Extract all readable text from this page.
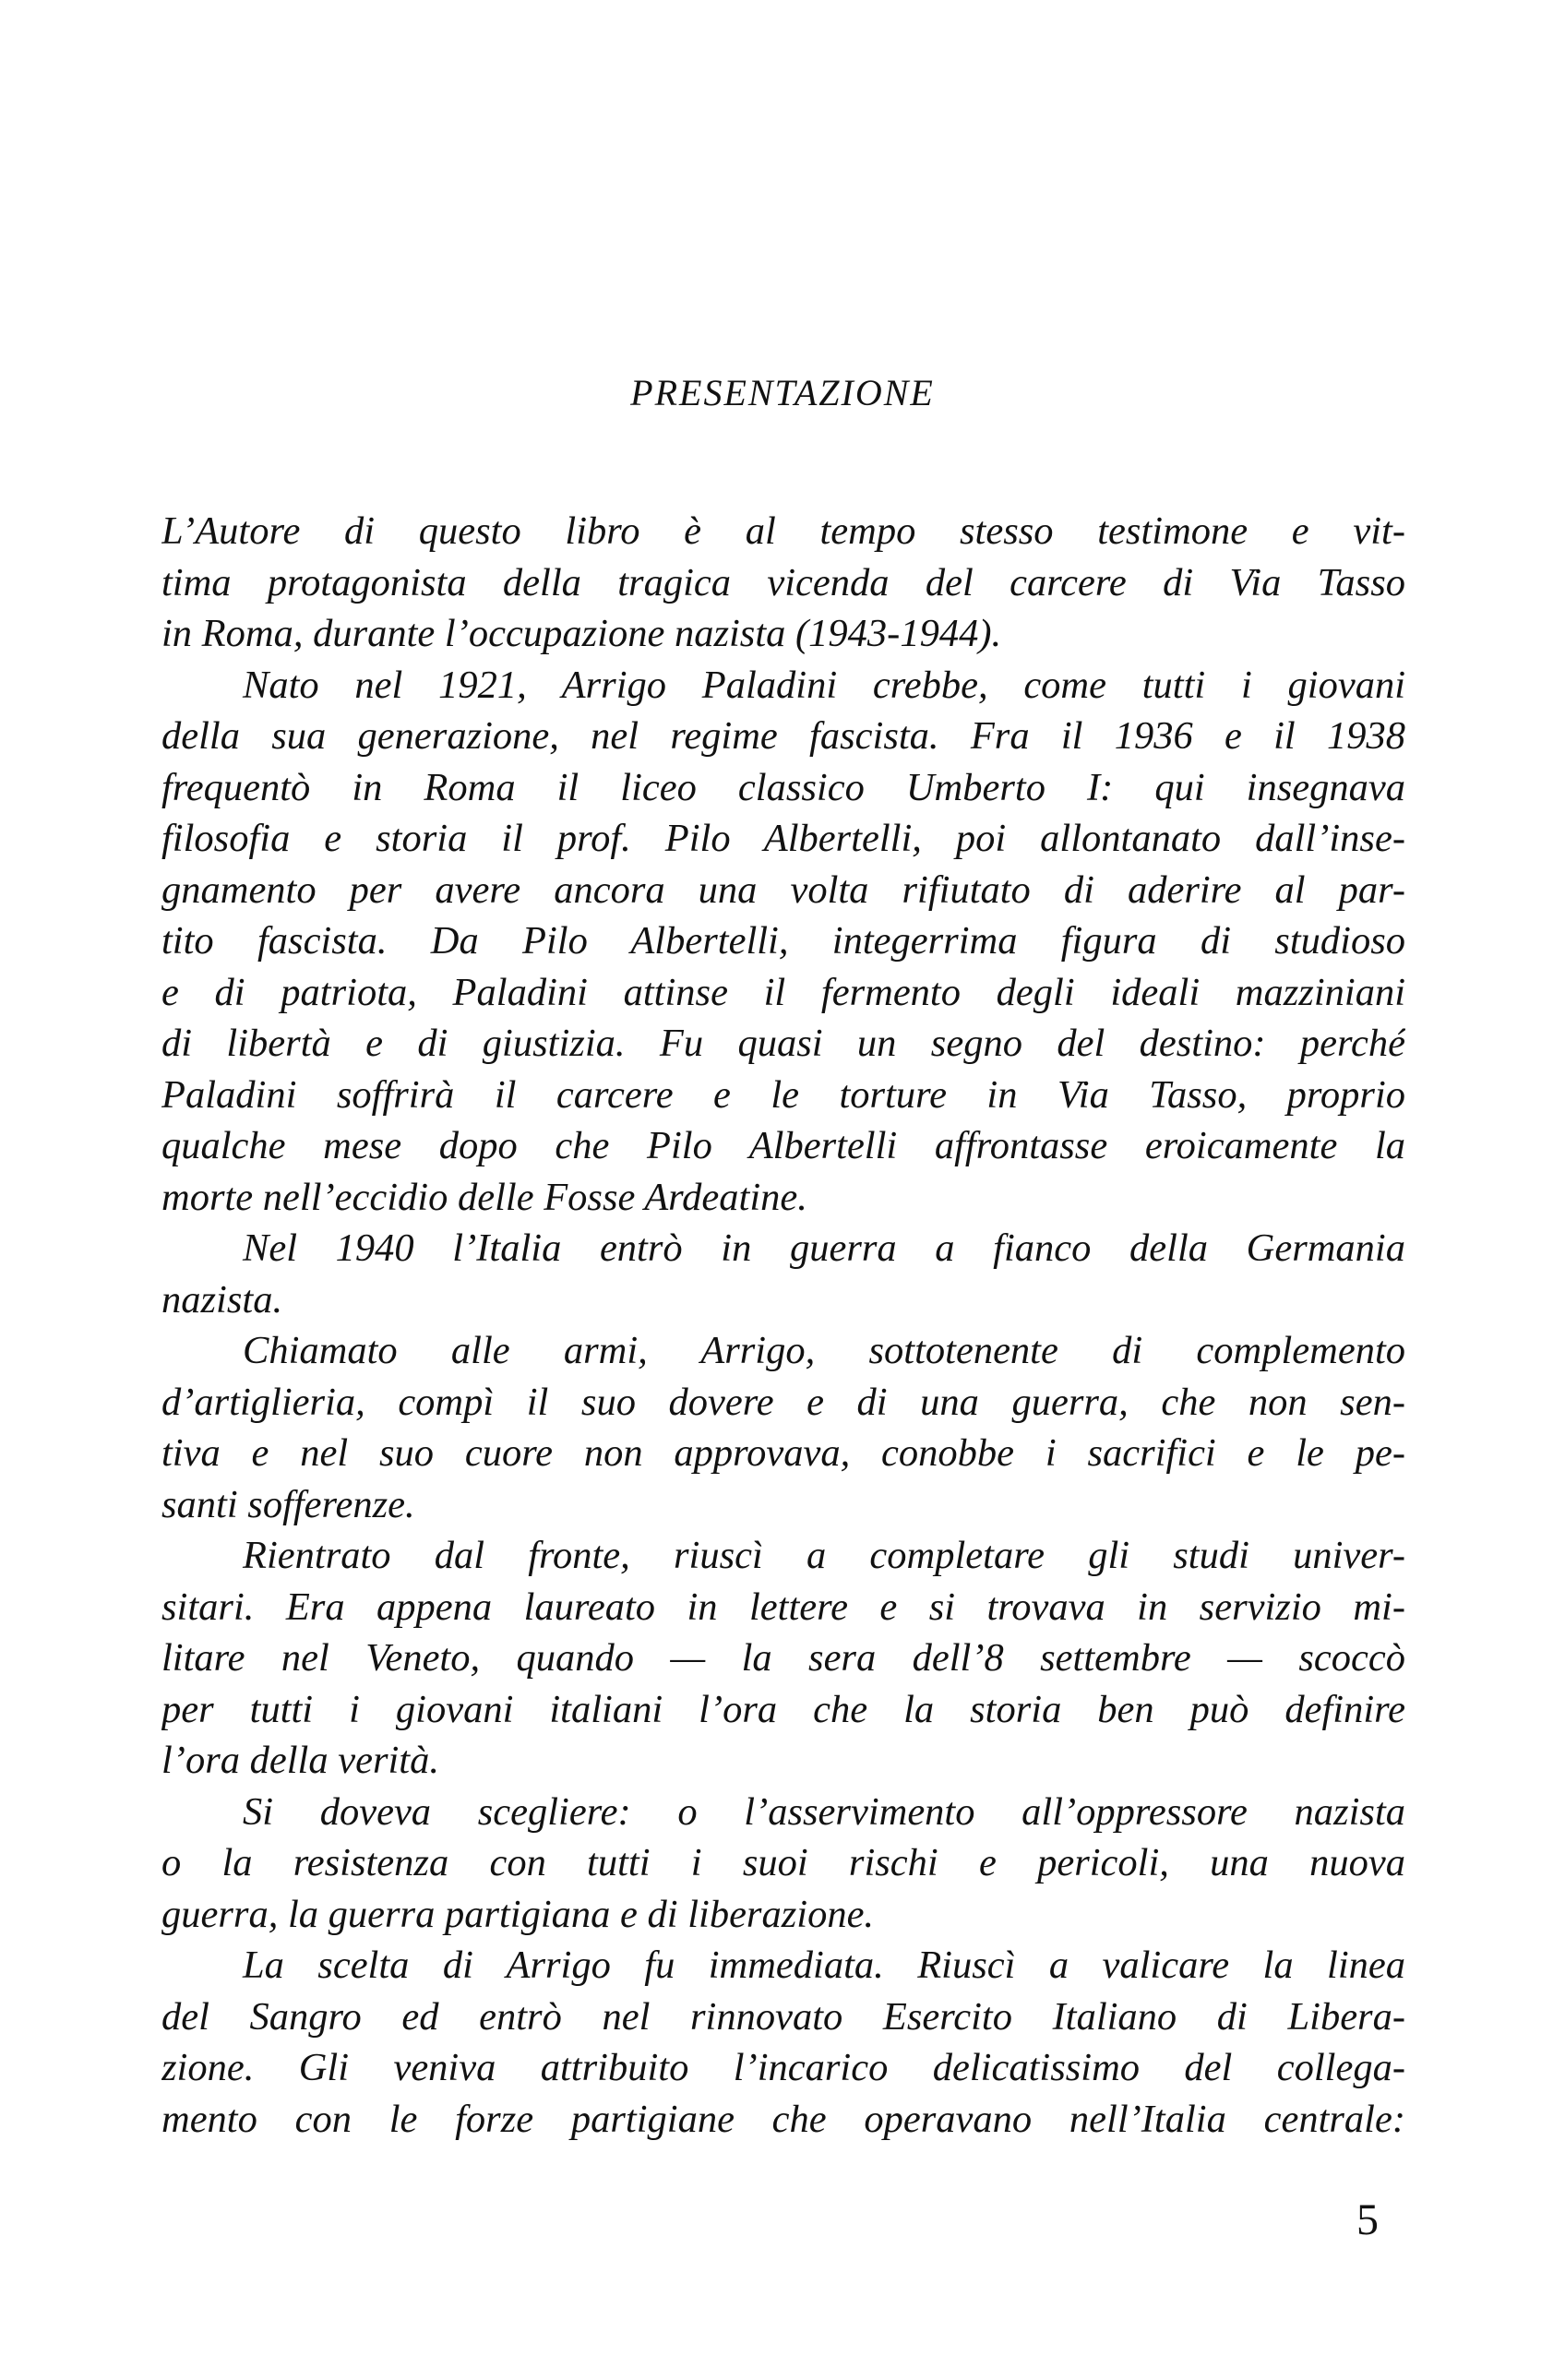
PRESENTAZIONE
L’Autore di questo libro è al tempo stesso testimone e vit-
tima protagonista della tragica vicenda del carcere di Via Tasso
in Roma, durante l’occupazione nazista (1943-1944).
Nato nel 1921, Arrigo Paladini crebbe, come tutti i giovani
della sua generazione, nel regime fascista. Fra il 1936 e il 1938
frequentò in Roma il liceo classico Umberto I: qui insegnava
filosofia e storia il prof. Pilo Albertelli, poi allontanato dall’inse-
gnamento per avere ancora una volta rifiutato di aderire al par-
tito fascista. Da Pilo Albertelli, integerrima figura di studioso
e di patriota, Paladini attinse il fermento degli ideali mazziniani
di libertà e di giustizia. Fu quasi un segno del destino: perché
Paladini soffrirà il carcere e le torture in Via Tasso, proprio
qualche mese dopo che Pilo Albertelli affrontasse eroicamente la
morte nell’eccidio delle Fosse Ardeatine.
Nel 1940 l’Italia entrò in guerra a fianco della Germania
nazista.
Chiamato alle armi, Arrigo, sottotenente di complemento
d’artiglieria, compì il suo dovere e di una guerra, che non sen-
tiva e nel suo cuore non approvava, conobbe i sacrifici e le pe-
santi sofferenze.
Rientrato dal fronte, riuscì a completare gli studi univer-
sitari. Era appena laureato in lettere e si trovava in servizio mi-
litare nel Veneto, quando — la sera dell’8 settembre — scoccò
per tutti i giovani italiani l’ora che la storia ben può definire
l’ora della verità.
Si doveva scegliere: o l’asservimento all’oppressore nazista
o la resistenza con tutti i suoi rischi e pericoli, una nuova
guerra, la guerra partigiana e di liberazione.
La scelta di Arrigo fu immediata. Riuscì a valicare la linea
del Sangro ed entrò nel rinnovato Esercito Italiano di Libera-
zione. Gli veniva attribuito l’incarico delicatissimo del collega-
mento con le forze partigiane che operavano nell’Italia centrale:
5
